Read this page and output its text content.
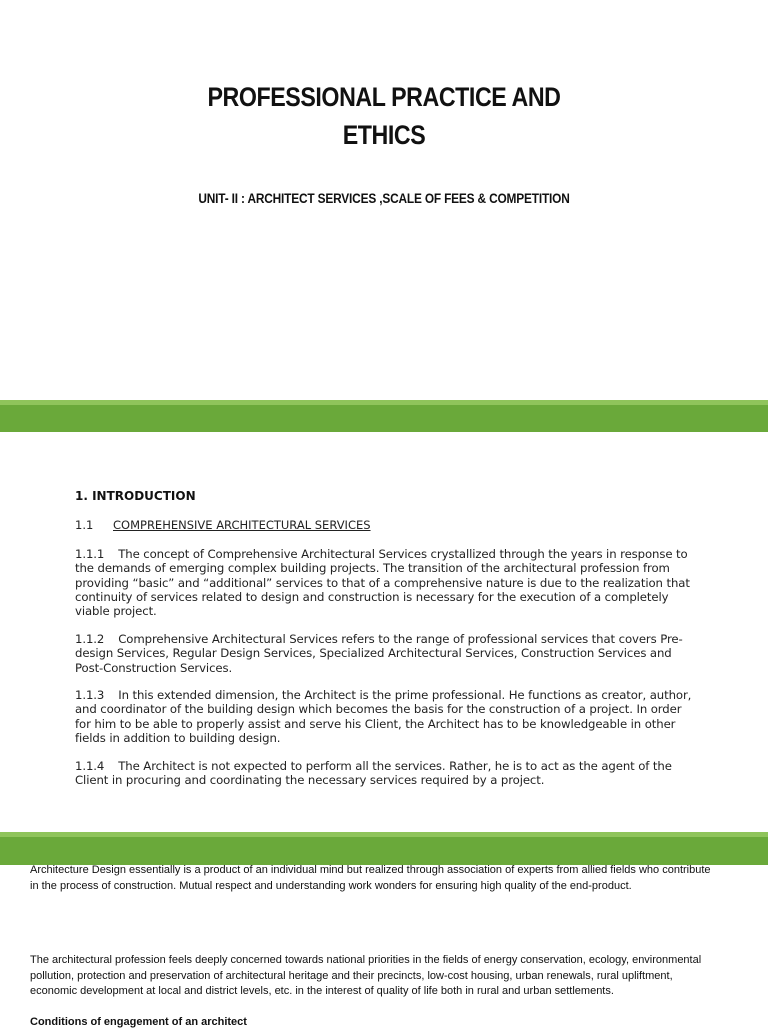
PROFESSIONAL PRACTICE AND
ETHICS
UNIT- II : ARCHITECT SERVICES ,SCALE OF FEES & COMPETITION
1. INTRODUCTION
1.1 COMPREHENSIVE ARCHITECTURAL SERVICES
1.1.1 The concept of Comprehensive Architectural Services crystallized through the years in response to the demands of emerging complex building projects. The transition of the architectural profession from providing “basic” and “additional” services to that of a comprehensive nature is due to the realization that continuity of services related to design and construction is necessary for the execution of a completely viable project.
1.1.2 Comprehensive Architectural Services refers to the range of professional services that covers Pre-design Services, Regular Design Services, Specialized Architectural Services, Construction Services and Post-Construction Services.
1.1.3 In this extended dimension, the Architect is the prime professional. He functions as creator, author, and coordinator of the building design which becomes the basis for the construction of a project. In order for him to be able to properly assist and serve his Client, the Architect has to be knowledgeable in other fields in addition to building design.
1.1.4 The Architect is not expected to perform all the services. Rather, he is to act as the agent of the Client in procuring and coordinating the necessary services required by a project.
Architecture Design essentially is a product of an individual mind but realized through association of experts from allied fields who contribute in the process of construction. Mutual respect and understanding work wonders for ensuring high quality of the end-product.
The architectural profession feels deeply concerned towards national priorities in the fields of energy conservation, ecology, environmental pollution, protection and preservation of architectural heritage and their precincts, low-cost housing, urban renewals, rural upliftment, economic development at local and district levels, etc. in the interest of quality of life both in rural and urban settlements.
Conditions of engagement of an architect
